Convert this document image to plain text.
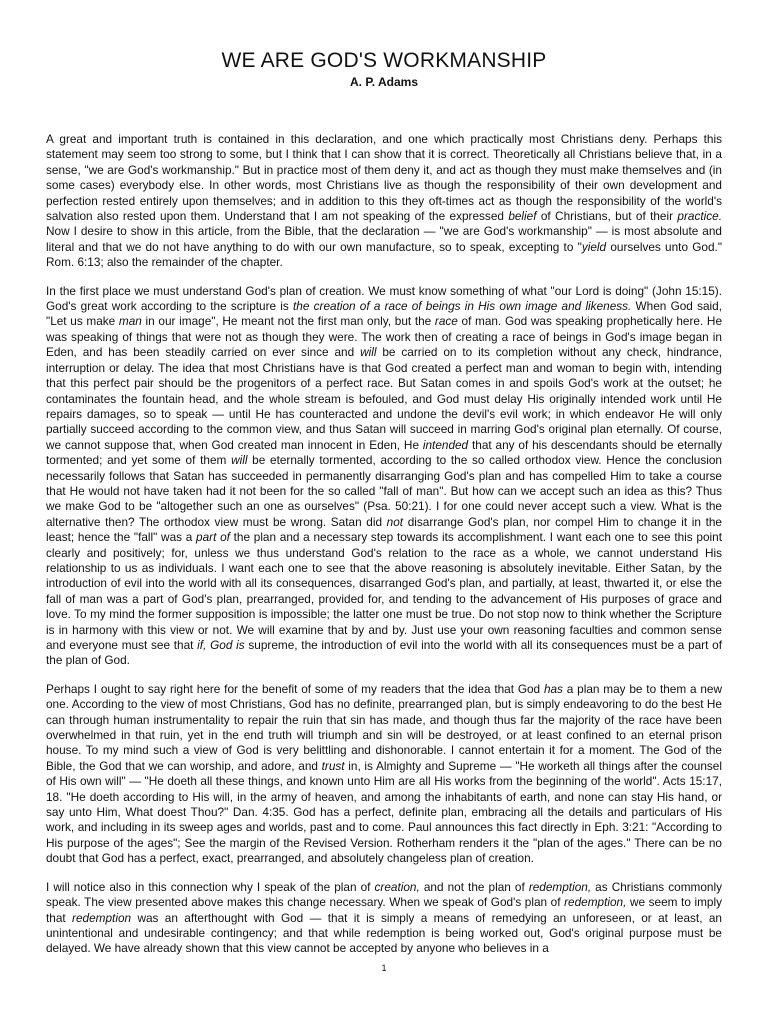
WE ARE GOD'S WORKMANSHIP
A. P. Adams

A great and important truth is contained in this declaration, and one which practically most Christians deny. Perhaps this statement may seem too strong to some, but I think that I can show that it is correct. Theoretically all Christians believe that, in a sense, "we are God's workmanship." But in practice most of them deny it, and act as though they must make themselves and (in some cases) everybody else. In other words, most Christians live as though the responsibility of their own development and perfection rested entirely upon themselves; and in addition to this they oft-times act as though the responsibility of the world's salvation also rested upon them. Understand that I am not speaking of the expressed belief of Christians, but of their practice. Now I desire to show in this article, from the Bible, that the declaration — "we are God's workmanship" — is most absolute and literal and that we do not have anything to do with our own manufacture, so to speak, excepting to "yield ourselves unto God." Rom. 6:13; also the remainder of the chapter.

In the first place we must understand God's plan of creation. We must know something of what "our Lord is doing" (John 15:15). God's great work according to the scripture is the creation of a race of beings in His own image and likeness. When God said, "Let us make man in our image", He meant not the first man only, but the race of man. God was speaking prophetically here. He was speaking of things that were not as though they were. The work then of creating a race of beings in God's image began in Eden, and has been steadily carried on ever since and will be carried on to its completion without any check, hindrance, interruption or delay. The idea that most Christians have is that God created a perfect man and woman to begin with, intending that this perfect pair should be the progenitors of a perfect race. But Satan comes in and spoils God's work at the outset; he contaminates the fountain head, and the whole stream is befouled, and God must delay His originally intended work until He repairs damages, so to speak — until He has counteracted and undone the devil's evil work; in which endeavor He will only partially succeed according to the common view, and thus Satan will succeed in marring God's original plan eternally. Of course, we cannot suppose that, when God created man innocent in Eden, He intended that any of his descendants should be eternally tormented; and yet some of them will be eternally tormented, according to the so called orthodox view. Hence the conclusion necessarily follows that Satan has succeeded in permanently disarranging God's plan and has compelled Him to take a course that He would not have taken had it not been for the so called "fall of man". But how can we accept such an idea as this? Thus we make God to be "altogether such an one as ourselves" (Psa. 50:21). I for one could never accept such a view. What is the alternative then? The orthodox view must be wrong. Satan did not disarrange God's plan, nor compel Him to change it in the least; hence the "fall" was a part of the plan and a necessary step towards its accomplishment. I want each one to see this point clearly and positively; for, unless we thus understand God's relation to the race as a whole, we cannot understand His relationship to us as individuals. I want each one to see that the above reasoning is absolutely inevitable. Either Satan, by the introduction of evil into the world with all its consequences, disarranged God's plan, and partially, at least, thwarted it, or else the fall of man was a part of God's plan, prearranged, provided for, and tending to the advancement of His purposes of grace and love. To my mind the former supposition is impossible; the latter one must be true. Do not stop now to think whether the Scripture is in harmony with this view or not. We will examine that by and by. Just use your own reasoning faculties and common sense and everyone must see that if, God is supreme, the introduction of evil into the world with all its consequences must be a part of the plan of God.

Perhaps I ought to say right here for the benefit of some of my readers that the idea that God has a plan may be to them a new one. According to the view of most Christians, God has no definite, prearranged plan, but is simply endeavoring to do the best He can through human instrumentality to repair the ruin that sin has made, and though thus far the majority of the race have been overwhelmed in that ruin, yet in the end truth will triumph and sin will be destroyed, or at least confined to an eternal prison house. To my mind such a view of God is very belittling and dishonorable. I cannot entertain it for a moment. The God of the Bible, the God that we can worship, and adore, and trust in, is Almighty and Supreme — "He worketh all things after the counsel of His own will" — "He doeth all these things, and known unto Him are all His works from the beginning of the world". Acts 15:17, 18. "He doeth according to His will, in the army of heaven, and among the inhabitants of earth, and none can stay His hand, or say unto Him, What doest Thou?" Dan. 4:35. God has a perfect, definite plan, embracing all the details and particulars of His work, and including in its sweep ages and worlds, past and to come. Paul announces this fact directly in Eph. 3:21: "According to His purpose of the ages"; See the margin of the Revised Version. Rotherham renders it the "plan of the ages." There can be no doubt that God has a perfect, exact, prearranged, and absolutely changeless plan of creation.

I will notice also in this connection why I speak of the plan of creation, and not the plan of redemption, as Christians commonly speak. The view presented above makes this change necessary. When we speak of God's plan of redemption, we seem to imply that redemption was an afterthought with God — that it is simply a means of remedying an unforeseen, or at least, an unintentional and undesirable contingency; and that while redemption is being worked out, God's original purpose must be delayed. We have already shown that this view cannot be accepted by anyone who believes in a

1
